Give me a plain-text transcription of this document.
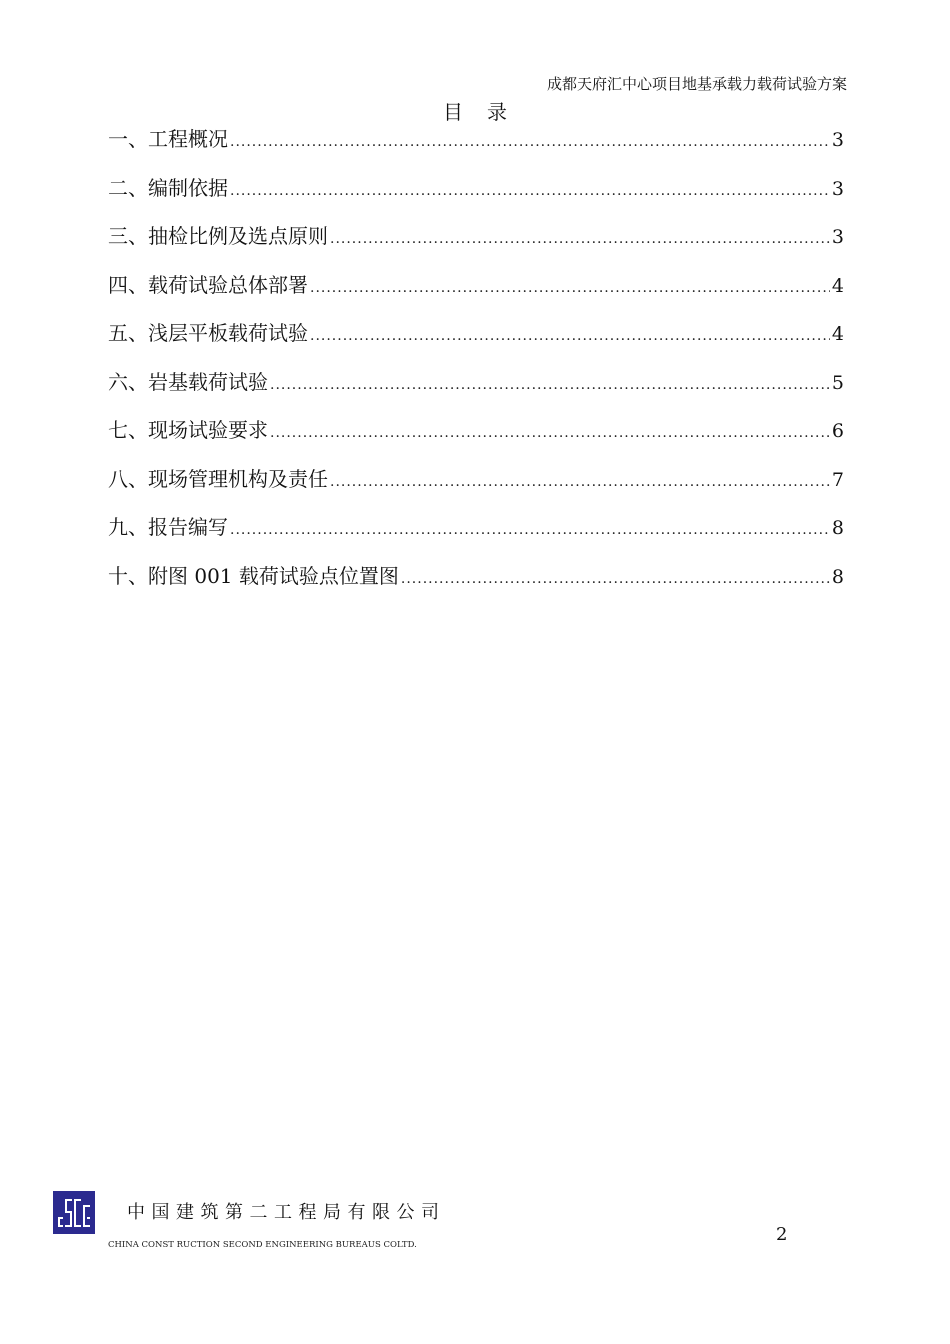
成都天府汇中心项目地基承载力载荷试验方案
目 录
一、工程概况 .....	3
二、编制依据 .....	3
三、抽检比例及选点原则 .....	3
四、载荷试验总体部署 .....	4
五、浅层平板载荷试验 .....	4
六、岩基载荷试验 .....	5
七、现场试验要求 .....	6
八、现场管理机构及责任 .....	7
九、报告编写 .....	8
十、附图 001 载荷试验点位置图 .....	8
中国建筑第二工程局有限公司
CHINA CONST RUCTION SECOND ENGINEERING BUREAUS COLTD.	2
